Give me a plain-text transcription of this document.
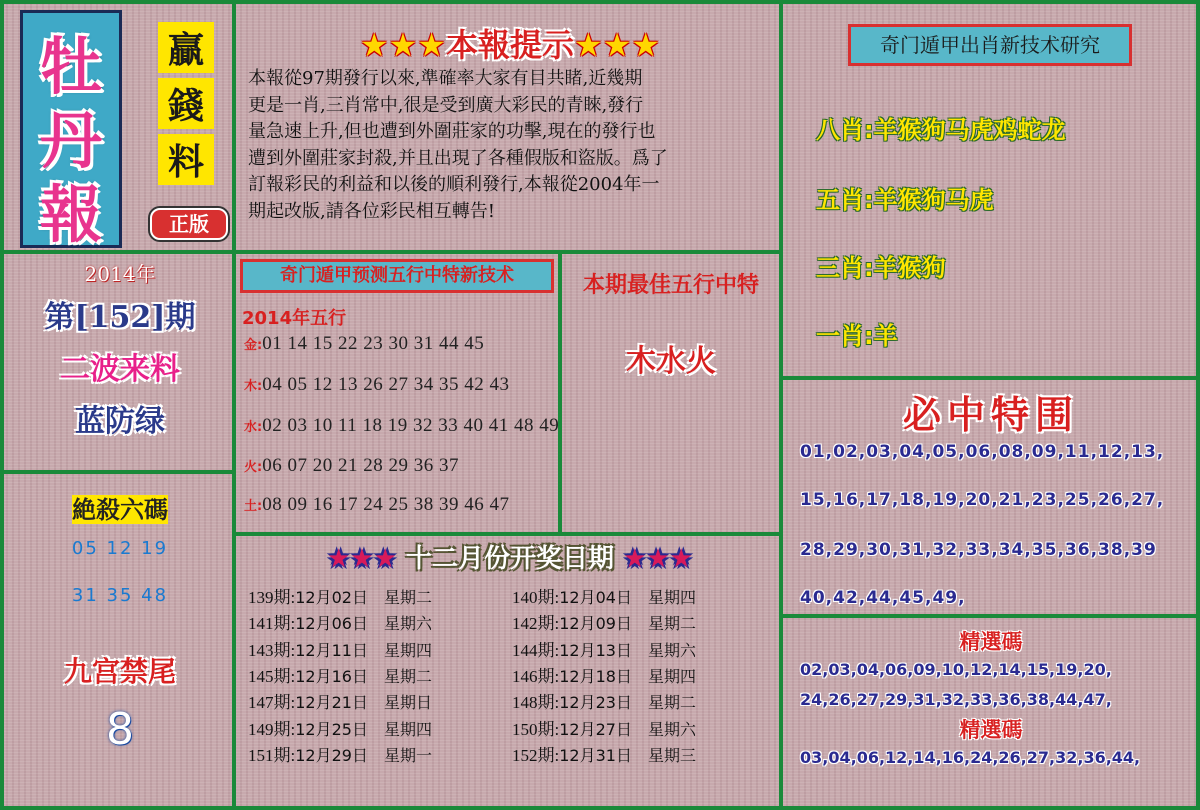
牡
丹
報
贏
錢
料
正版
★★★本報提示★★★
本報從97期發行以來,準確率大家有目共睹,近幾期
更是一肖,三肖常中,很是受到廣大彩民的青睞,發行
量急速上升,但也遭到外圍莊家的功擊,現在的發行也
遭到外圍莊家封殺,并且出現了各種假版和盜版。爲了
訂報彩民的利益和以後的順利發行,本報從2004年一
期起改版,請各位彩民相互轉告!
2014年
第[152]期
二波来料
蓝防绿
絶殺六碼
05 12 19
31 35 48
九宫禁尾
8
奇门遁甲预测五行中特新技术
2014年五行
金:01 14 15 22 23 30 31 44 45
木:04 05 12 13 26 27 34 35 42 43
水:02 03 10 11 18 19 32 33 40 41 48 49
火:06 07 20 21 28 29 36 37
土:08 09 16 17 24 25 38 39 46 47
本期最佳五行中特
木水火
★★★ 十二月份开奖日期 ★★★
139期:12月02日 星期二	140期:12月04日 星期四
141期:12月06日 星期六	142期:12月09日 星期二
143期:12月11日 星期四	144期:12月13日 星期六
145期:12月16日 星期二	146期:12月18日 星期四
147期:12月21日 星期日	148期:12月23日 星期二
149期:12月25日 星期四	150期:12月27日 星期六
151期:12月29日 星期一	152期:12月31日 星期三
奇门遁甲出肖新技术研究
八肖:羊猴狗马虎鸡蛇龙
五肖:羊猴狗马虎
三肖:羊猴狗
一肖:羊
必中特围
01,02,03,04,05,06,08,09,11,12,13,
15,16,17,18,19,20,21,23,25,26,27,
28,29,30,31,32,33,34,35,36,38,39
40,42,44,45,49,
精選碼
02,03,04,06,09,10,12,14,15,19,20,
24,26,27,29,31,32,33,36,38,44,47,
精選碼
03,04,06,12,14,16,24,26,27,32,36,44,
